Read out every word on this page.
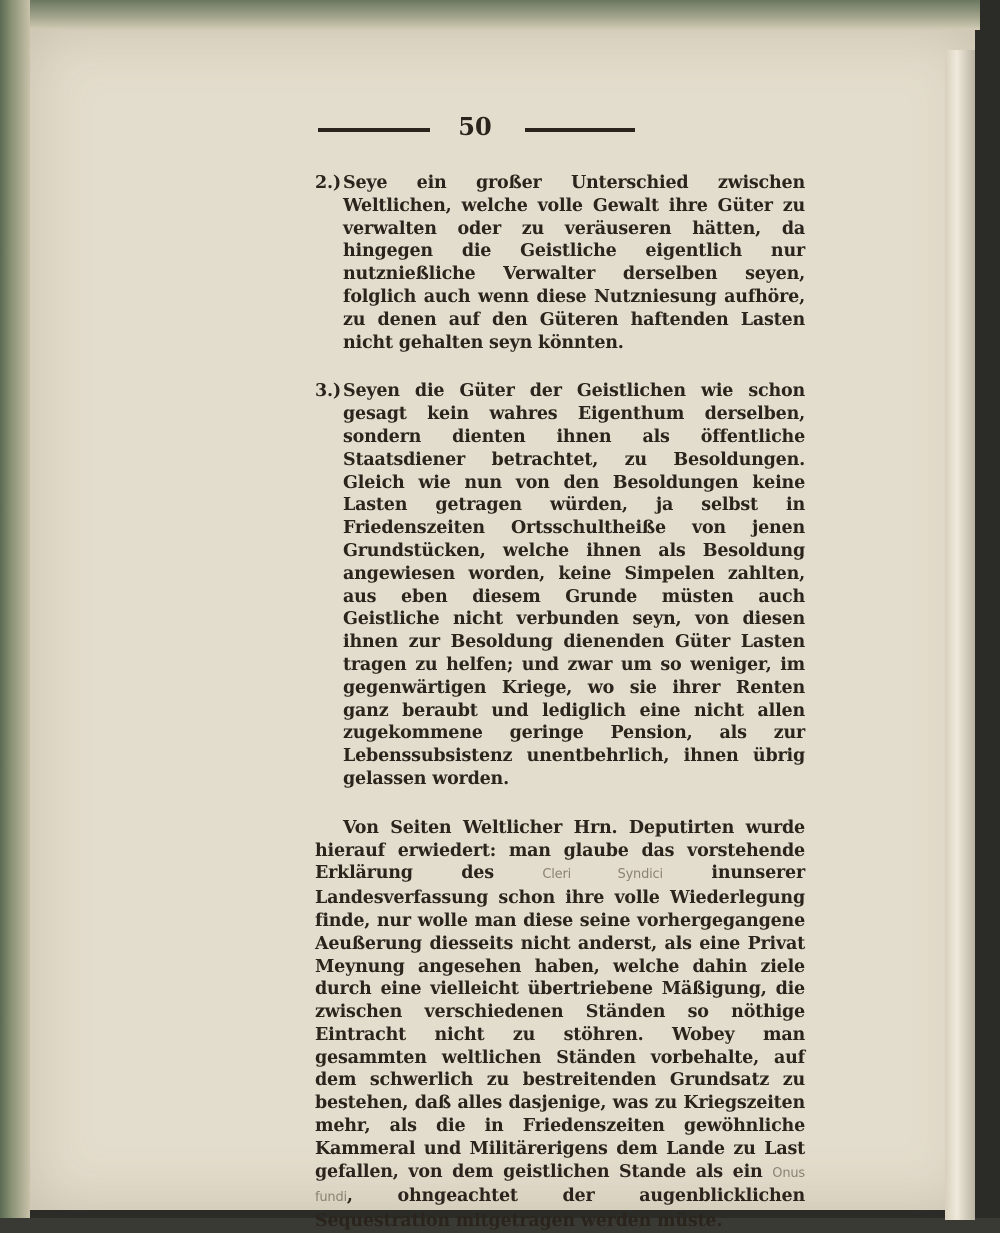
50
2.) Seye ein großer Unterschied zwischen Weltlichen, welche volle Gewalt ihre Güter zu verwalten oder zu veräuseren hätten, da hingegen die Geistliche eigentlich nur nutznießliche Verwalter derselben seyen, folglich auch wenn diese Nutzniesung aufhöre, zu denen auf den Güteren haftenden Lasten nicht gehalten seyn könnten.
3.) Seyen die Güter der Geistlichen wie schon gesagt kein wahres Eigenthum derselben, sondern dienten ihnen als öffentliche Staatsdiener betrachtet, zu Besoldungen. Gleich wie nun von den Besoldungen keine Lasten getragen würden, ja selbst in Friedenszeiten Ortsschultheiße von jenen Grundstücken, welche ihnen als Besoldung angewiesen worden, keine Simpelen zahlten, aus eben diesem Grunde müsten auch Geistliche nicht verbunden seyn, von diesen ihnen zur Besoldung dienenden Güter Lasten tragen zu helfen; und zwar um so weniger, im gegenwärtigen Kriege, wo sie ihrer Renten ganz beraubt und lediglich eine nicht allen zugekommene geringe Pension, als zur Lebenssubsistenz unentbehrlich, ihnen übrig gelassen worden.
Von Seiten Weltlicher Hrn. Deputirten wurde hierauf erwiedert: man glaube das vorstehende Erklärung des	Cleri Syndici	inunserer Landesverfassung schon ihre volle Wiederlegung finde, nur wolle man diese seine vorhergegangene Aeußerung diesseits nicht anderst, als eine Privat Meynung angesehen haben, welche dahin ziele durch eine vielleicht übertriebene Mäßigung, die zwischen verschiedenen Ständen so nöthige Eintracht nicht zu stöhren. Wobey man gesammten weltlichen Ständen vorbehalte, auf dem schwerlich zu bestreitenden Grundsatz zu bestehen, daß alles dasjenige, was zu Kriegszeiten mehr, als die in Friedenszeiten gewöhnliche Kammeral und Militärerigens dem Lande zu Last gefallen, von dem geistlichen Stande als ein Onus fundi, ohngeachtet der augenblicklichen Sequestration mitgetragen werden müste.
